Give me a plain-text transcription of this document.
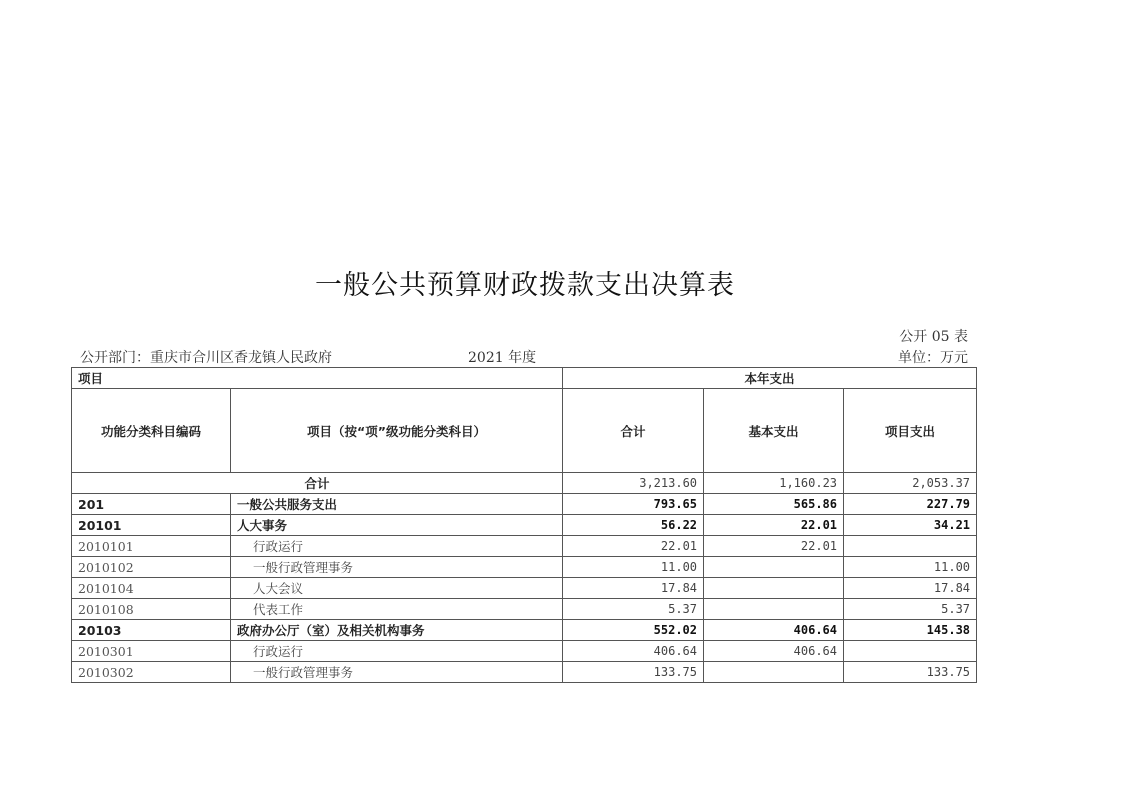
一般公共预算财政拨款支出决算表
公开 05 表
公开部门：重庆市合川区香龙镇人民政府	2021 年度	单位：万元
项目		本年支出		
功能分类科目编码	项目（按“项”级功能分类科目）	合计	基本支出	项目支出
合计		3,213.60	1,160.23	2,053.37
201	一般公共服务支出	793.65	565.86	227.79
20101	人大事务	56.22	22.01	34.21
2010101	行政运行	22.01	22.01	
2010102	一般行政管理事务	11.00		11.00
2010104	人大会议	17.84		17.84
2010108	代表工作	5.37		5.37
20103	政府办公厅（室）及相关机构事务	552.02	406.64	145.38
2010301	行政运行	406.64	406.64	
2010302	一般行政管理事务	133.75		133.75
